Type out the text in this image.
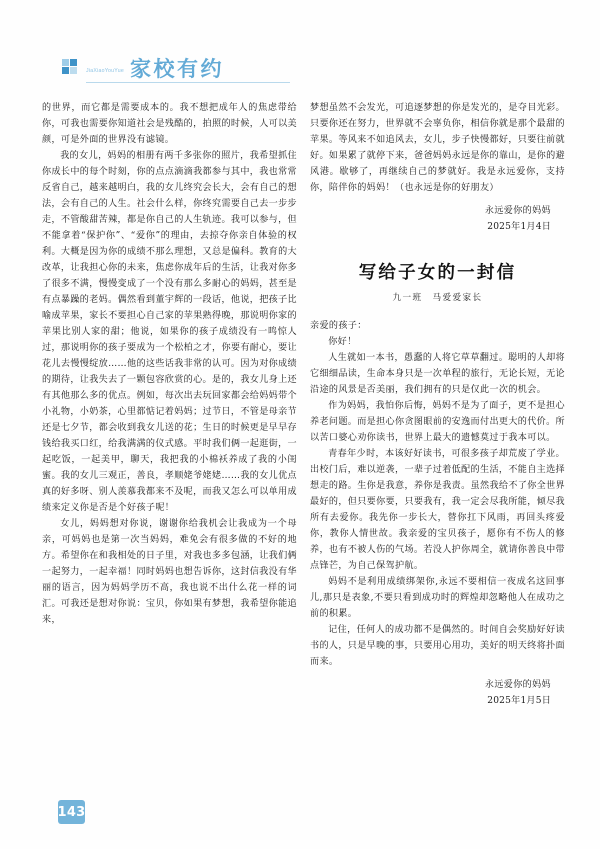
JiaXiaoYouYue 家校有约

的世界，而它都是需要成本的。我不想把成年人的焦虑带给你，可我也需要你知道社会是残酷的，拍照的时候，人可以美颜，可是外面的世界没有滤镜。

我的女儿，妈妈的相册有两千多张你的照片，我希望抓住你成长中的每个时刻，你的点点滴滴我都参与其中，我也常常反省自己，越来越明白，我的女儿终究会长大，会有自己的想法，会有自己的人生。社会什么样，你终究需要自己去一步步走，不管酸甜苦辣，都是你自己的人生轨迹。我可以参与，但不能拿着“保护你”、“爱你”的理由，去掠夺你亲自体验的权利。大概是因为你的成绩不那么理想，又总是偏科。教育的大改革，让我担心你的未来，焦虑你成年后的生活，让我对你多了很多不满，慢慢变成了一个没有那么多耐心的妈妈，甚至是有点暴躁的老妈。偶然看到董宇辉的一段话，他说，把孩子比喻成苹果，家长不要担心自己家的苹果熟得晚，那说明你家的苹果比别人家的甜；他说，如果你的孩子成绩没有一鸣惊人过，那说明你的孩子要成为一个松柏之才，你要有耐心，要让花儿去慢慢绽放……他的这些话我非常的认可。因为对你成绩的期待，让我失去了一颗包容欣赏的心。是的，我女儿身上还有其他那么多的优点。例如，每次出去玩回家都会给妈妈带个小礼物，小奶茶，心里都惦记着妈妈；过节日，不管是母亲节还是七夕节，都会收到我女儿送的花；生日的时候更是早早存钱给我买口红，给我满满的仪式感。平时我们俩一起逛街，一起吃饭，一起美甲，聊天，我把我的小棉袄养成了我的小闺蜜。我的女儿三观正，善良，孝顺姥爷姥姥……我的女儿优点真的好多呀、别人羡慕我都来不及呢，而我又怎么可以单用成绩来定义你是否是个好孩子呢！

女儿，妈妈想对你说，谢谢你给我机会让我成为一个母亲，可妈妈也是第一次当妈妈，难免会有很多做的不好的地方。希望你在和我相处的日子里，对我也多多包涵，让我们俩一起努力，一起幸福！同时妈妈也想告诉你，这封信我没有华丽的语言，因为妈妈学历不高，我也说不出什么花一样的词汇。可我还是想对你说：宝贝，你如果有梦想，我希望你能追来，

梦想虽然不会发光，可追逐梦想的你是发光的，是夺目光彩。只要你还在努力，世界就不会辜负你，相信你就是那个最甜的苹果。等风来不如追风去，女儿，步子快慢都好，只要往前就好。如果累了就停下来，爸爸妈妈永远是你的靠山，是你的避风港。歇够了，再继续自己的梦就好。我是永远爱你，支持你，陪伴你的妈妈！（也永远是你的好朋友）

永远爱你的妈妈
2025年1月4日
写给子女的一封信
九一班　马爱爱家长

亲爱的孩子：

你好！

人生就如一本书，愚蠢的人将它草草翻过。聪明的人却将它细细品读，生命本身只是一次单程的旅行，无论长短，无论沿途的风景是否美丽，我们拥有的只是仅此一次的机会。

作为妈妈，我怕你后悔，妈妈不是为了面子，更不是担心养老问题。而是担心你贪图眼前的安逸而付出更大的代价。所以苦口婆心劝你读书，世界上最大的遗憾莫过于我本可以。

青春年少时，本该好好读书，可很多孩子却荒废了学业。出校门后，难以逆袭，一辈子过着低配的生活，不能自主选择想走的路。生你是我意，养你是我责。虽然我给不了你全世界最好的，但只要你要，只要我有，我一定会尽我所能，倾尽我所有去爱你。我先你一步长大，替你扛下风雨，再回头疼爱你，教你人情世故。我亲爱的宝贝孩子，愿你有不伤人的修养，也有不被人伤的气场。若没人护你周全，就请你善良中带点锋芒，为自己保驾护航。

妈妈不是利用成绩绑架你,永远不要相信一夜成名这回事儿,那只是表象,不要只看到成功时的辉煌却忽略他人在成功之前的积累。

记住，任何人的成功都不是偶然的。时间自会奖励好好读书的人，只是早晚的事，只要用心用功，美好的明天终将扑面而来。

永远爱你的妈妈
2025年1月5日
143
